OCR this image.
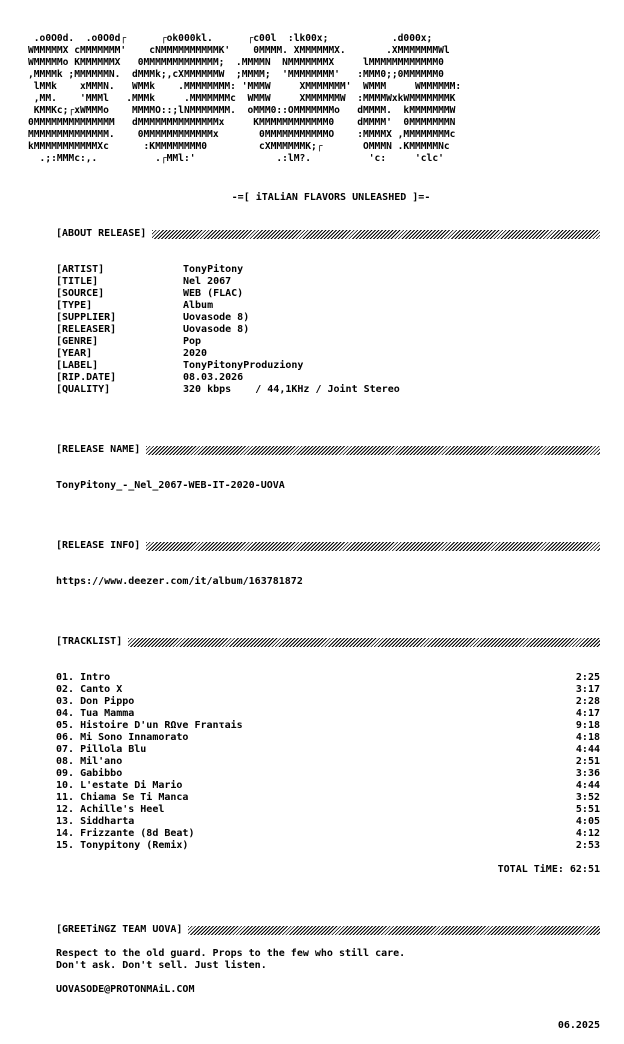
.o0O0d.  .o0O0d┌      ┌ok000kl.      ┌c00l  :lk00x;           .d000x;
WMMMMMX cMMMMMMM'    cNMMMMMMMMMMK'    0MMMM. XMMMMMMX.       .XMMMMMMMWl
WMMMMMo KMMMMMMX   0MMMMMMMMMMMMM;  .MMMMN  NMMMMMMMX     lMMMMMMMMMMMM0
,MMMMk ;MMMMMMN.  dMMMk;,cXMMMMMMW  ;MMMM;  'MMMMMMMM'   :MMM0;;0MMMMMM0
lMMk    xMMMN.   WMMk    .MMMMMMMM: 'MMMW     XMMMMMMM'  WMMM     WMMMMMM:
,MM.    'MMMl   .MMMk     .MMMMMMMc  WMMW     XMMMMMMW  :MMMMWxkWMMMMMMMK
KMMKc;┌xWMMMo    MMMMO::;lNMMMMMMM.  oMMM0::OMMMMMMMo   dMMMM.  kMMMMMMMW
0MMMMMMMMMMMMMM   dMMMMMMMMMMMMMMx     KMMMMMMMMMMMM0    dMMMM'  0MMMMMMMN
MMMMMMMMMMMMMM.    0MMMMMMMMMMMMx       0MMMMMMMMMMMO    :MMMMX ,MMMMMMMMc
kMMMMMMMMMMMXc      :KMMMMMMMM0         cXMMMMMMK;┌       OMMMN .KMMMMMNc
.;:MMMc:,.          .┌MMl:'              .:lM?.          'c:     'clc'
-=[ iTALiAN FLAVORS UNLEASHED ]=-
[ABOUT RELEASE]
[ARTIST]	TonyPitony
[TITLE]	Nel 2067
[SOURCE]	WEB (FLAC)
[TYPE]	Album
[SUPPLIER]	Uovasode 8)
[RELEASER]	Uovasode 8)
[GENRE]	Pop
[YEAR]	2020
[LABEL]	TonyPitonyProduziony
[RIP.DATE]	08.03.2026
[QUALITY]	320 kbps    / 44,1KHz / Joint Stereo
[RELEASE NAME]
TonyPitony_-_Nel_2067-WEB-IT-2020-UOVA
[RELEASE INFO]
https://www.deezer.com/it/album/163781872
[TRACKLIST]
01. Intro	2:25
02. Canto X	3:17
03. Don Pippo	2:28
04. Tua Mamma	4:17
05. Histoire D'un RΩve Franτais	9:18
06. Mi Sono Innamorato	4:18
07. Pillola Blu	4:44
08. Mil'ano	2:51
09. Gabibbo	3:36
10. L'estate Di Mario	4:44
11. Chiama Se Ti Manca	3:52
12. Achille's Heel	5:51
13. Siddharta	4:05
14. Frizzante (8d Beat)	4:12
15. Tonypitony (Remix)	2:53
TOTAL TiME: 62:51
[GREETiNGZ TEAM UOVA]
Respect to the old guard. Props to the few who still care.
Don't ask. Don't sell. Just listen.
UOVASODE@PROTONMAiL.COM
06.2025
